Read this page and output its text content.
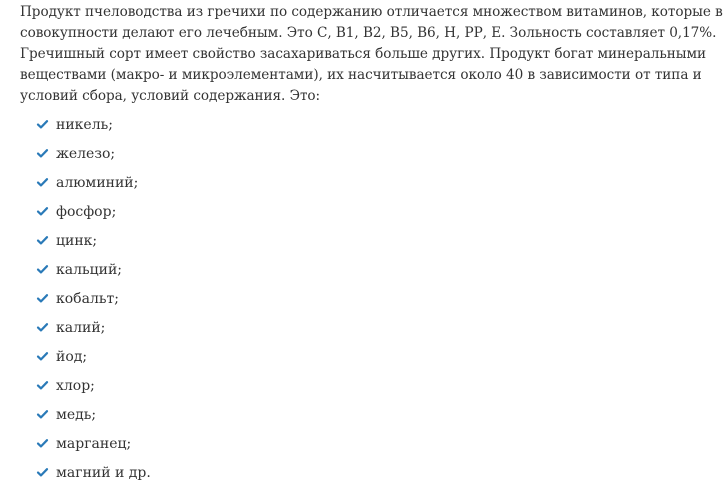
Продукт пчеловодства из гречихи по содержанию отличается множеством витаминов, которые в
совокупности делают его лечебным. Это С, В1, В2, В5, В6, Н, РР, Е. Зольность составляет 0,17%.
Гречишный сорт имеет свойство засахариваться больше других. Продукт богат минеральными
веществами (макро- и микроэлементами), их насчитывается около 40 в зависимости от типа и
условий сбора, условий содержания. Это:

никель;
железо;
алюминий;
фосфор;
цинк;
кальций;
кобальт;
калий;
йод;
хлор;
медь;
марганец;
магний и др.
